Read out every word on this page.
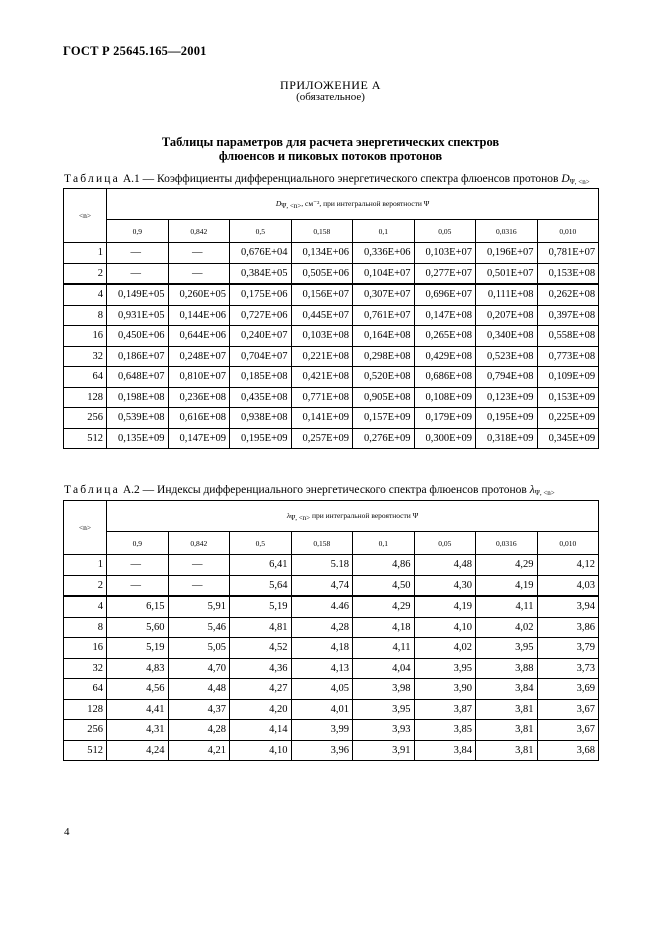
ГОСТ Р 25645.165—2001
ПРИЛОЖЕНИЕ А
(обязательное)
Таблицы параметров для расчета энергетических спектров
флюенсов и пиковых потоков протонов
Таблица А.1 — Коэффициенты дифференциального энергетического спектра флюенсов протонов $D_{\Psi, <n>}$
<n>	DΨ, <n>, см⁻², при интегральной вероятности Ψ							
	0,9	0,842	0,5	0,158	0,1	0,05	0,0316	0,010
1	—	—	0,676E+04	0,134E+06	0,336E+06	0,103E+07	0,196E+07	0,781E+07
2	—	—	0,384E+05	0,505E+06	0,104E+07	0,277E+07	0,501E+07	0,153E+08
4	0,149E+05	0,260E+05	0,175E+06	0,156E+07	0,307E+07	0,696E+07	0,111E+08	0,262E+08
8	0,931E+05	0,144E+06	0,727E+06	0,445E+07	0,761E+07	0,147E+08	0,207E+08	0,397E+08
16	0,450E+06	0,644E+06	0,240E+07	0,103E+08	0,164E+08	0,265E+08	0,340E+08	0,558E+08
32	0,186E+07	0,248E+07	0,704E+07	0,221E+08	0,298E+08	0,429E+08	0,523E+08	0,773E+08
64	0,648E+07	0,810E+07	0,185E+08	0,421E+08	0,520E+08	0,686E+08	0,794E+08	0,109E+09
128	0,198E+08	0,236E+08	0,435E+08	0,771E+08	0,905E+08	0,108E+09	0,123E+09	0,153E+09
256	0,539E+08	0,616E+08	0,938E+08	0,141E+09	0,157E+09	0,179E+09	0,195E+09	0,225E+09
512	0,135E+09	0,147E+09	0,195E+09	0,257E+09	0,276E+09	0,300E+09	0,318E+09	0,345E+09
Таблица А.2 — Индексы дифференциального энергетического спектра флюенсов протонов $\lambda_{\Psi, <n>}$
<n>	λΨ, <n> при интегральной вероятности Ψ							
	0,9	0,842	0,5	0,158	0,1	0,05	0,0316	0,010
1	—	—	6,41	5.18	4,86	4,48	4,29	4,12
2	—	—	5,64	4,74	4,50	4,30	4,19	4,03
4	6,15	5,91	5,19	4.46	4,29	4,19	4,11	3,94
8	5,60	5,46	4,81	4,28	4,18	4,10	4,02	3,86
16	5,19	5,05	4,52	4,18	4,11	4,02	3,95	3,79
32	4,83	4,70	4,36	4,13	4,04	3,95	3,88	3,73
64	4,56	4,48	4,27	4,05	3,98	3,90	3,84	3,69
128	4,41	4,37	4,20	4,01	3,95	3,87	3,81	3,67
256	4,31	4,28	4,14	3,99	3,93	3,85	3,81	3,67
512	4,24	4,21	4,10	3,96	3,91	3,84	3,81	3,68
4
